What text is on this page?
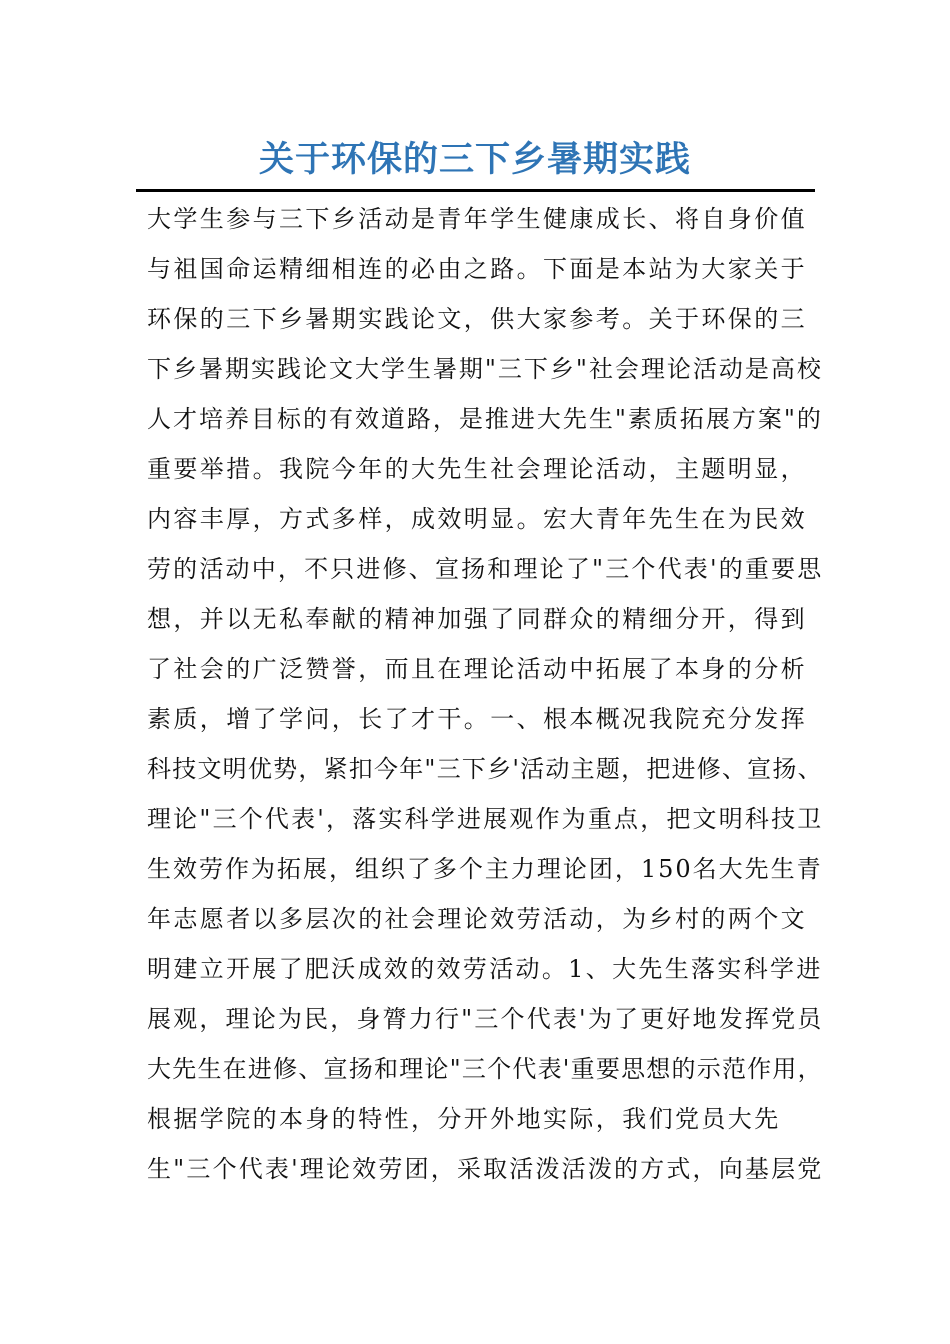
关于环保的三下乡暑期实践
大学生参与三下乡活动是青年学生健康成长、将自身价值
与祖国命运精细相连的必由之路。下面是本站为大家关于
环保的三下乡暑期实践论文，供大家参考。关于环保的三
下乡暑期实践论文大学生暑期"三下乡"社会理论活动是高校
人才培养目标的有效道路，是推进大先生"素质拓展方案"的
重要举措。我院今年的大先生社会理论活动，主题明显，
内容丰厚，方式多样，成效明显。宏大青年先生在为民效
劳的活动中，不只进修、宣扬和理论了"三个代表'的重要思
想，并以无私奉献的精神加强了同群众的精细分开，得到
了社会的广泛赞誉，而且在理论活动中拓展了本身的分析
素质，增了学问，长了才干。一、根本概况我院充分发挥
科技文明优势，紧扣今年"三下乡'活动主题，把进修、宣扬、
理论"三个代表'，落实科学进展观作为重点，把文明科技卫
生效劳作为拓展，组织了多个主力理论团，150名大先生青
年志愿者以多层次的社会理论效劳活动，为乡村的两个文
明建立开展了肥沃成效的效劳活动。1、大先生落实科学进
展观，理论为民，身膂力行"三个代表'为了更好地发挥党员
大先生在进修、宣扬和理论"三个代表'重要思想的示范作用，
根据学院的本身的特性，分开外地实际，我们党员大先
生"三个代表'理论效劳团，采取活泼活泼的方式，向基层党
